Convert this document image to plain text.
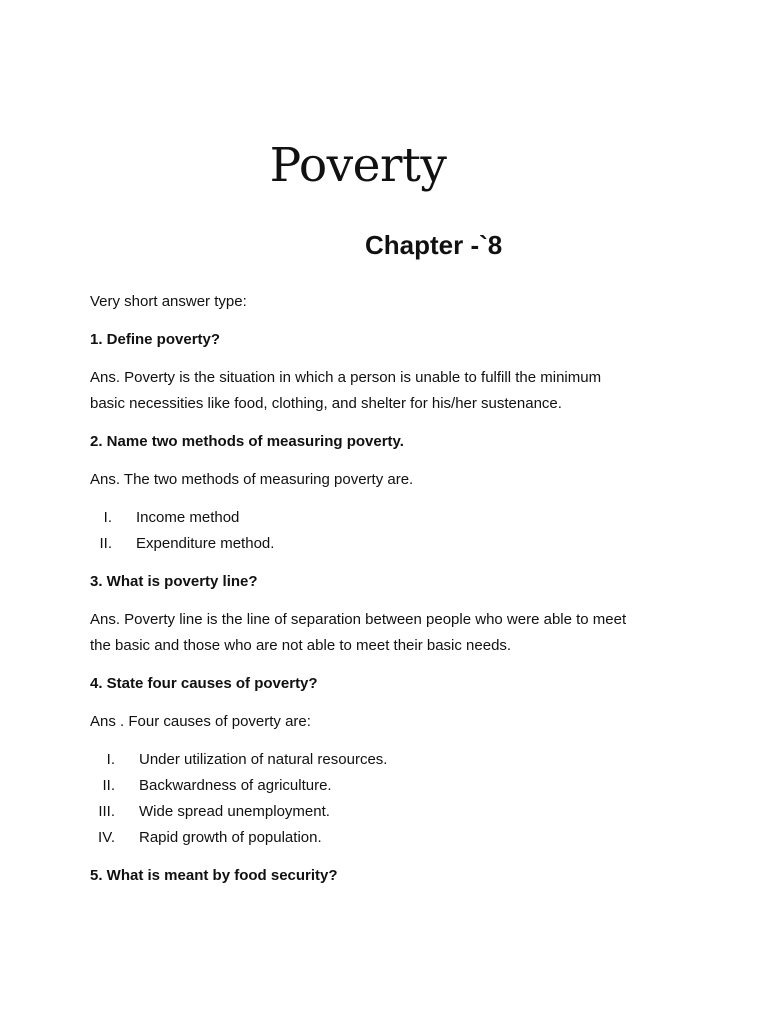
Poverty
Chapter -`8

Very short answer type:

1. Define poverty?

Ans. Poverty is the situation in which a person is unable to fulfill the minimum

basic necessities like food, clothing, and shelter for his/her sustenance.

2. Name two methods of measuring poverty.

Ans. The two methods of measuring poverty are.

I. Income method
II. Expenditure method.

3. What is poverty line?

Ans. Poverty line is the line of separation between people who were able to meet

the basic and those who are not able to meet their basic needs.

4. State four causes of poverty?

Ans . Four causes of poverty are:

I. Under utilization of natural resources.
II. Backwardness of agriculture.
III. Wide spread unemployment.
IV. Rapid growth of population.

5. What is meant by food security?
